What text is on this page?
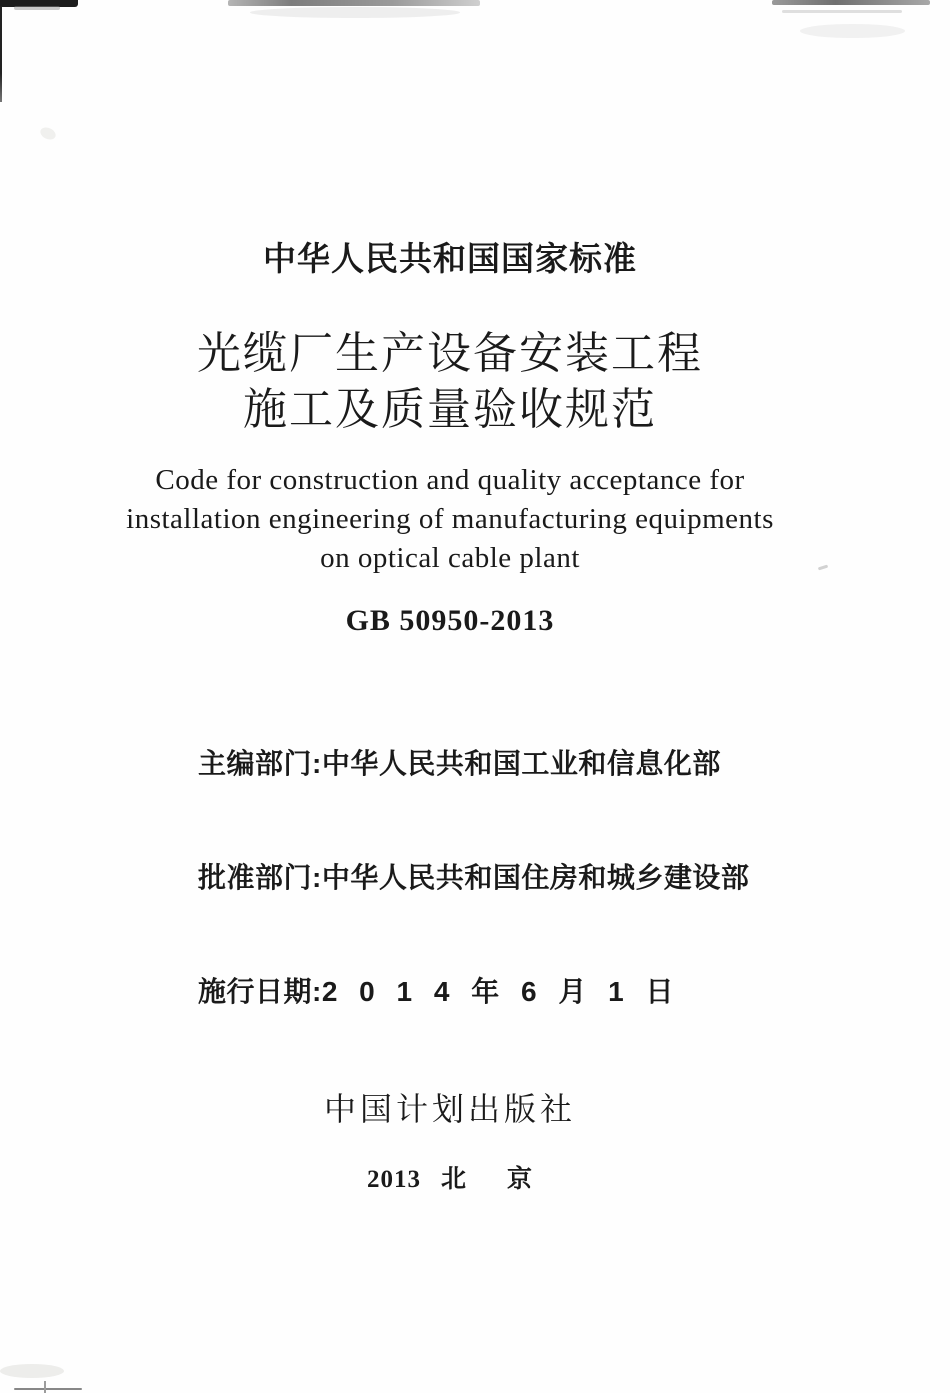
中华人民共和国国家标准
光缆厂生产设备安装工程
施工及质量验收规范
Code for construction and quality acceptance for
installation engineering of manufacturing equipments
on optical cable plant
GB 50950-2013

主编部门:中华人民共和国工业和信息化部

批准部门:中华人民共和国住房和城乡建设部

施行日期:2 0 1 4 年 6 月 1 日

中国计划出版社
2013 北 京
